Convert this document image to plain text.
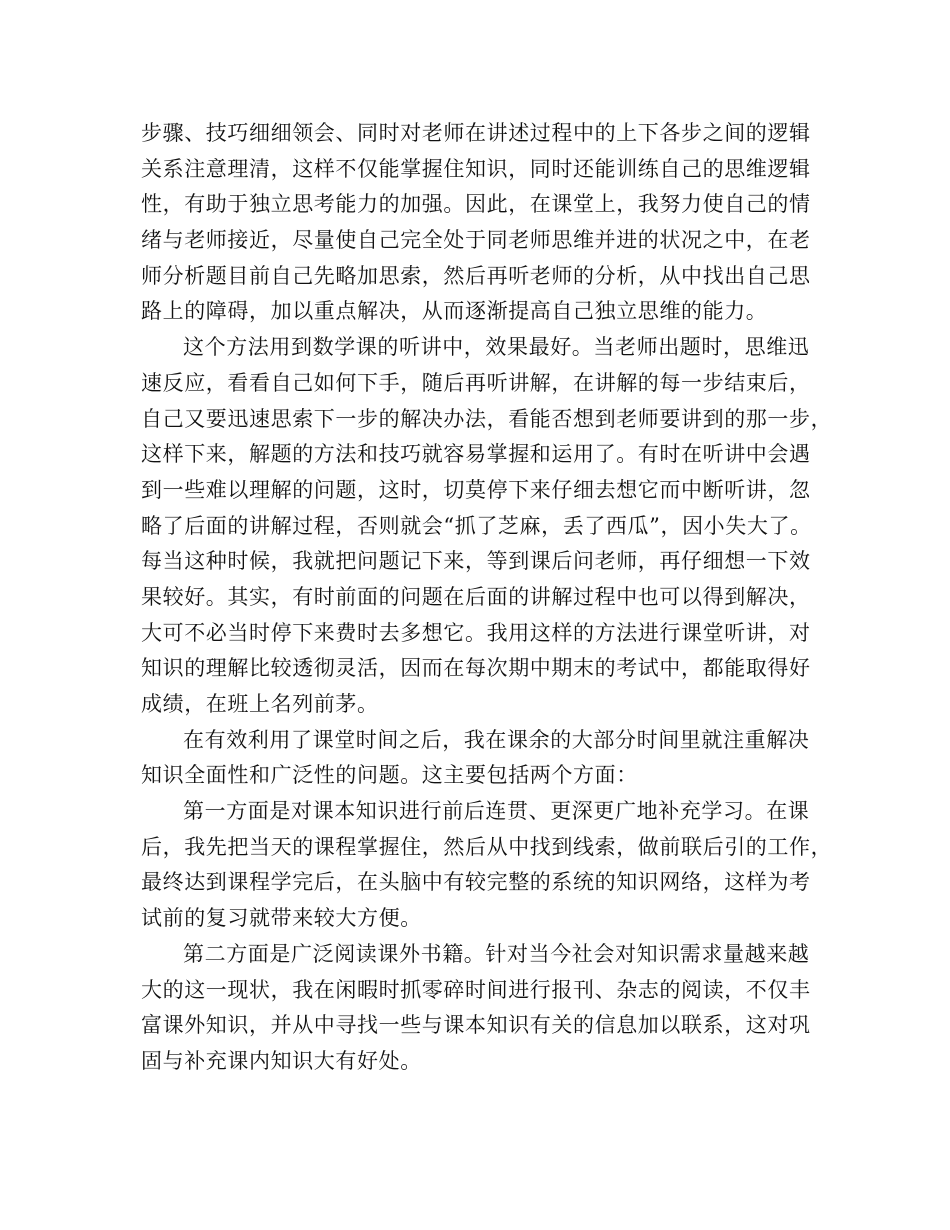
步骤、技巧细细领会、同时对老师在讲述过程中的上下各步之间的逻辑
关系注意理清，这样不仅能掌握住知识，同时还能训练自己的思维逻辑
性，有助于独立思考能力的加强。因此，在课堂上，我努力使自己的情
绪与老师接近，尽量使自己完全处于同老师思维并进的状况之中，在老
师分析题目前自己先略加思索，然后再听老师的分析，从中找出自己思
路上的障碍，加以重点解决，从而逐渐提高自己独立思维的能力。
这个方法用到数学课的听讲中，效果最好。当老师出题时，思维迅
速反应，看看自己如何下手，随后再听讲解，在讲解的每一步结束后，
自己又要迅速思索下一步的解决办法，看能否想到老师要讲到的那一步，
这样下来，解题的方法和技巧就容易掌握和运用了。有时在听讲中会遇
到一些难以理解的问题，这时，切莫停下来仔细去想它而中断听讲，忽
略了后面的讲解过程，否则就会“抓了芝麻，丢了西瓜”，因小失大了。
每当这种时候，我就把问题记下来，等到课后问老师，再仔细想一下效
果较好。其实，有时前面的问题在后面的讲解过程中也可以得到解决，
大可不必当时停下来费时去多想它。我用这样的方法进行课堂听讲，对
知识的理解比较透彻灵活，因而在每次期中期末的考试中，都能取得好
成绩，在班上名列前茅。
在有效利用了课堂时间之后，我在课余的大部分时间里就注重解决
知识全面性和广泛性的问题。这主要包括两个方面：
第一方面是对课本知识进行前后连贯、更深更广地补充学习。在课
后，我先把当天的课程掌握住，然后从中找到线索，做前联后引的工作，
最终达到课程学完后，在头脑中有较完整的系统的知识网络，这样为考
试前的复习就带来较大方便。
第二方面是广泛阅读课外书籍。针对当今社会对知识需求量越来越
大的这一现状，我在闲暇时抓零碎时间进行报刊、杂志的阅读，不仅丰
富课外知识，并从中寻找一些与课本知识有关的信息加以联系，这对巩
固与补充课内知识大有好处。
